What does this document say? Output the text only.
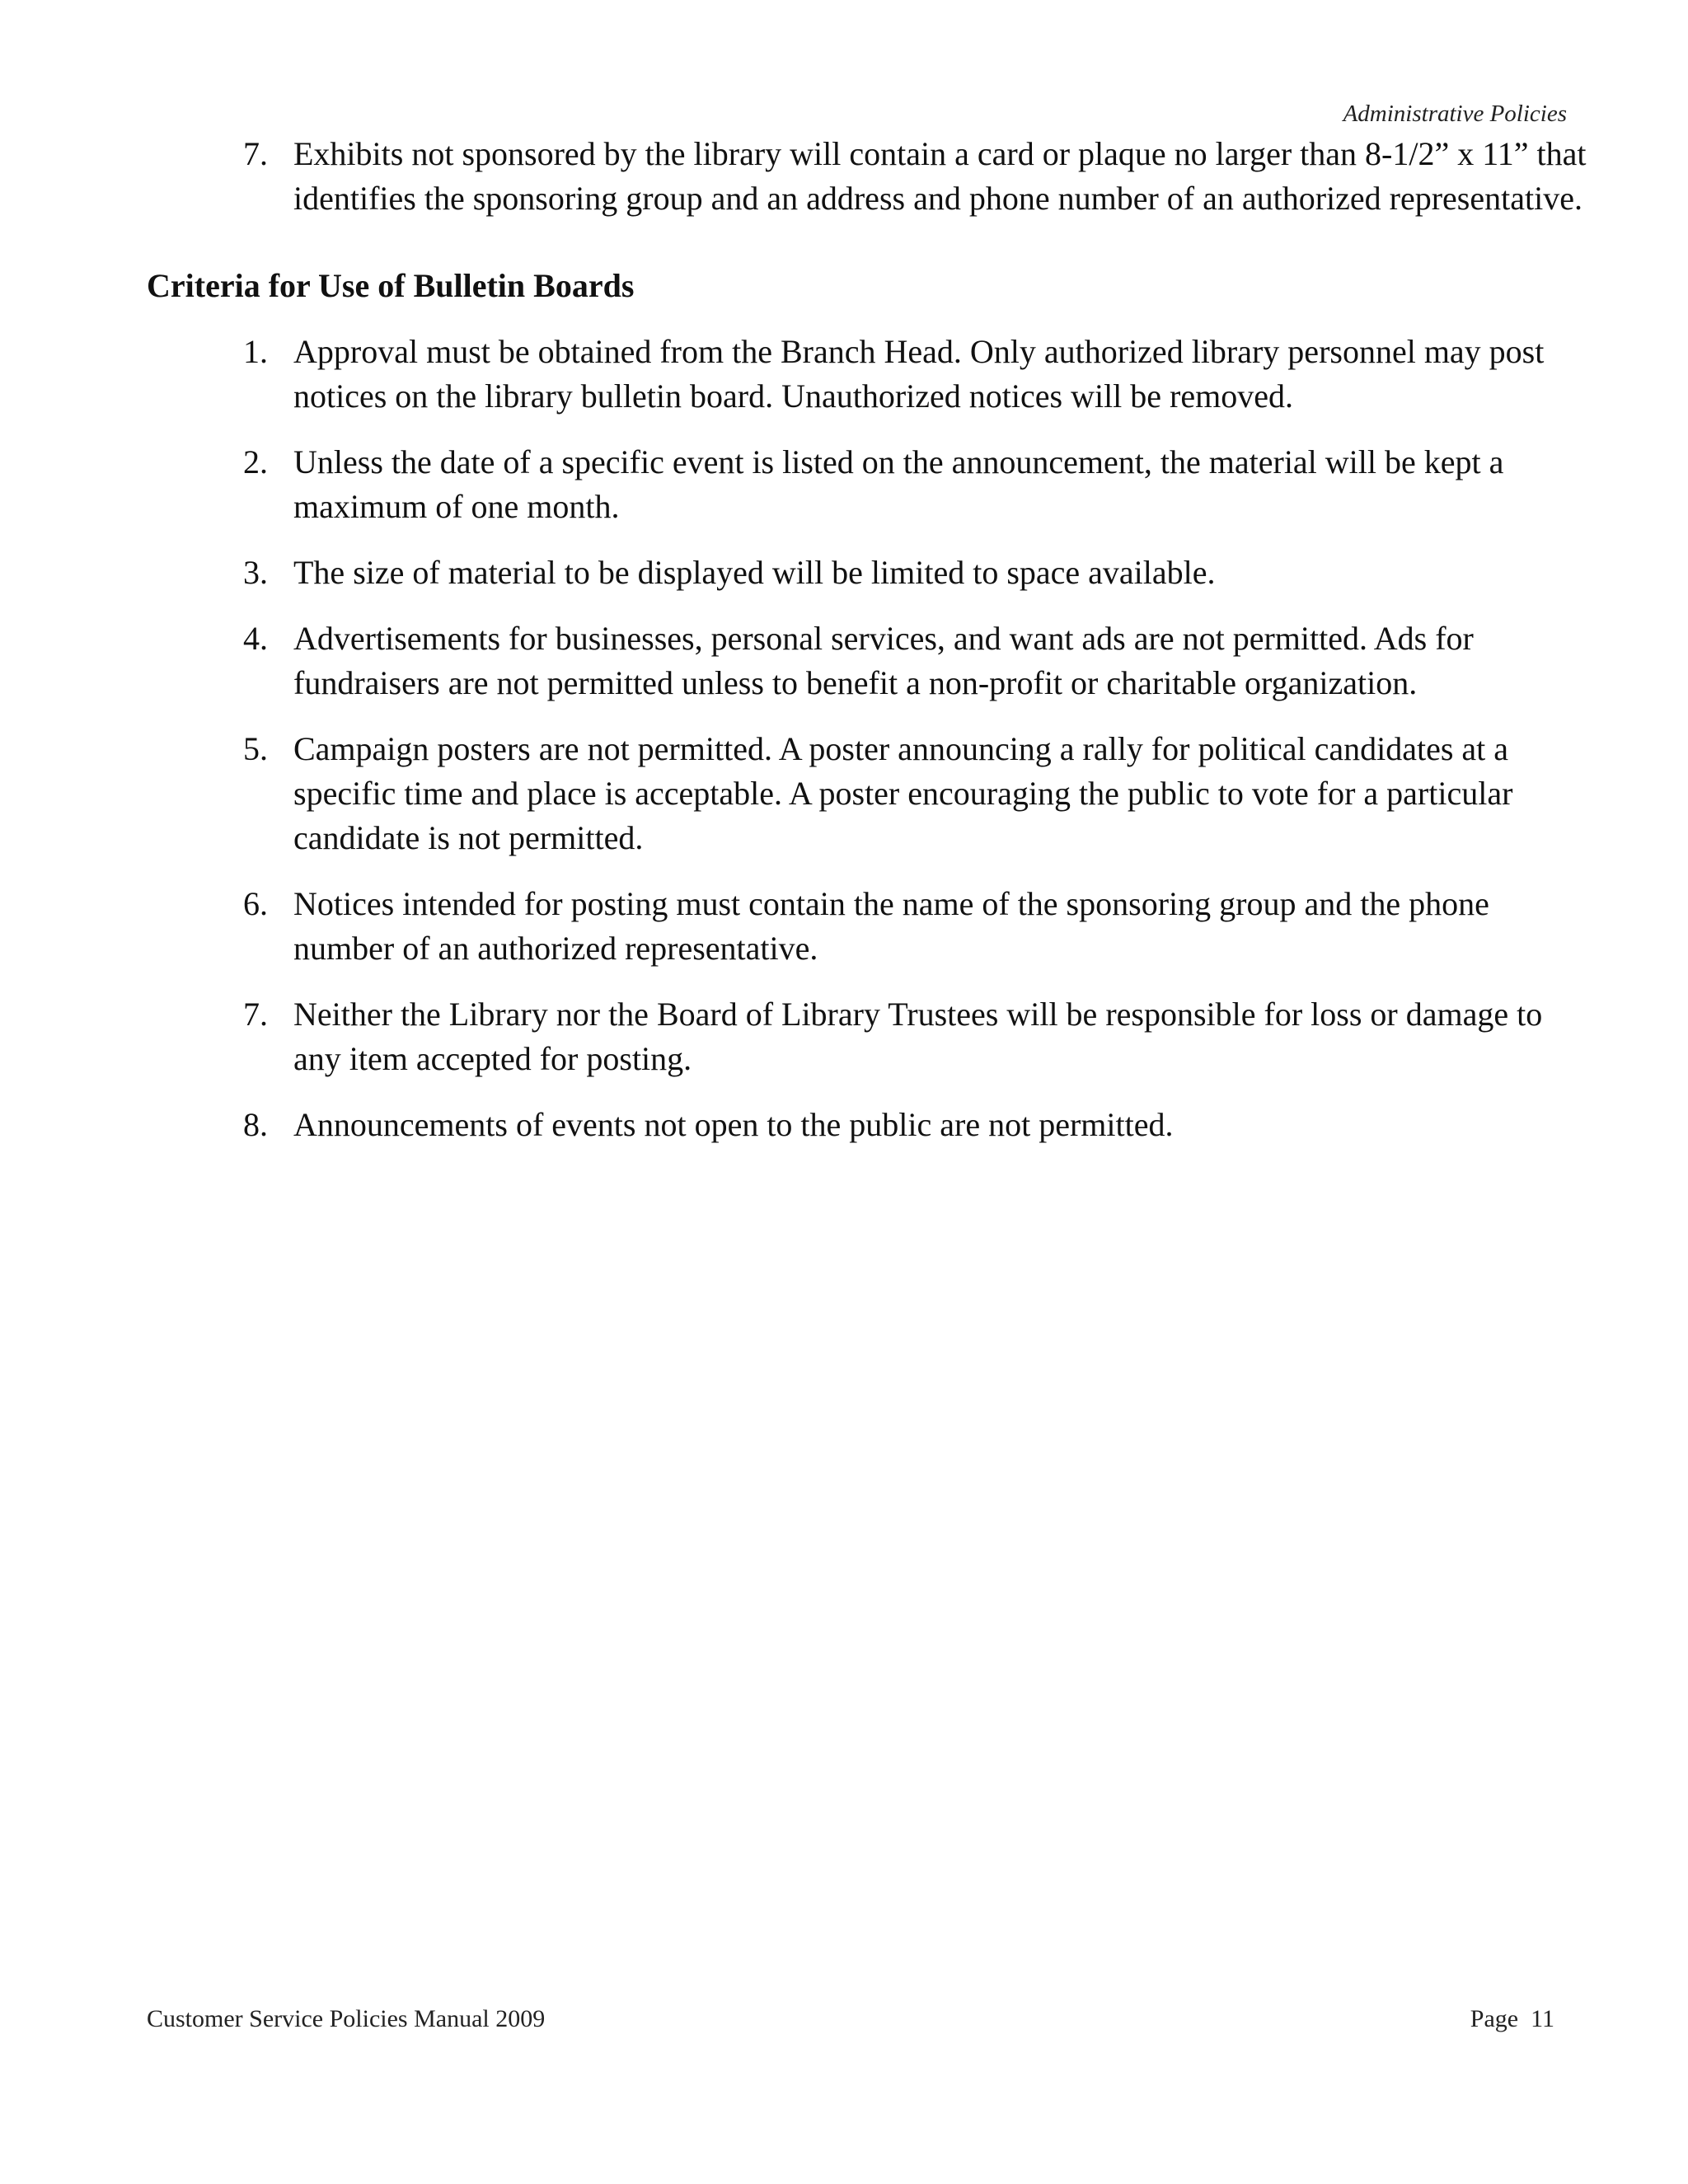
Administrative Policies
7. Exhibits not sponsored by the library will contain a card or plaque no larger than 8-1/2” x 11” that identifies the sponsoring group and an address and phone number of an authorized representative.
Criteria for Use of Bulletin Boards
1. Approval must be obtained from the Branch Head. Only authorized library personnel may post notices on the library bulletin board. Unauthorized notices will be removed.
2. Unless the date of a specific event is listed on the announcement, the material will be kept a maximum of one month.
3. The size of material to be displayed will be limited to space available.
4. Advertisements for businesses, personal services, and want ads are not permitted. Ads for fundraisers are not permitted unless to benefit a non-profit or charitable organization.
5. Campaign posters are not permitted. A poster announcing a rally for political candidates at a specific time and place is acceptable. A poster encouraging the public to vote for a particular candidate is not permitted.
6. Notices intended for posting must contain the name of the sponsoring group and the phone number of an authorized representative.
7. Neither the Library nor the Board of Library Trustees will be responsible for loss or damage to any item accepted for posting.
8. Announcements of events not open to the public are not permitted.
Customer Service Policies Manual 2009	Page  11
